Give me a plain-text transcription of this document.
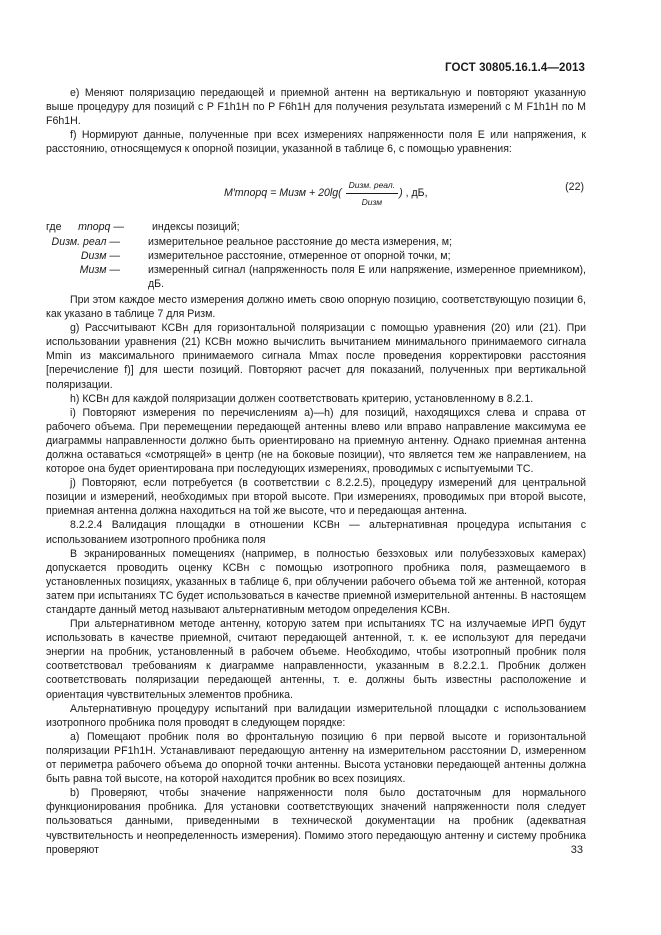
ГОСТ 30805.16.1.4—2013

e) Меняют поляризацию передающей и приемной антенн на вертикальную и повторяют указанную выше процедуру для позиций с P F1h1H по P F6h1H для получения результата измерений с M F1h1H по M F6h1H.

f) Нормируют данные, полученные при всех измерениях напряженности поля E или напряжения, к расстоянию, относящемуся к опорной позиции, указанной в таблице 6, с помощью уравнения:

M′mnopq = Mизм + $20\lg( \frac{\text{Dизм. реал.}}{\text{Dизм}}$ ) , дБ,	(22)
где	mnopq —	индексы позиций;
Dизм. реал —	измерительное реальное расстояние до места измерения, м;
Dизм —	измерительное расстояние, отмеренное от опорной точки, м;
Mизм —	измеренный сигнал (напряженность поля E или напряжение, измеренное приемником), дБ.

При этом каждое место измерения должно иметь свою опорную позицию, соответствующую позиции 6, как указано в таблице 7 для Pизм.

g) Рассчитывают КСВн для горизонтальной поляризации с помощью уравнения (20) или (21). При использовании уравнения (21) КСВн можно вычислить вычитанием минимального принимаемого сигнала Mmin из максимального принимаемого сигнала Mmax после проведения корректировки расстояния [перечисление f)] для шести позиций. Повторяют расчет для показаний, полученных при вертикальной поляризации.

h) КСВн для каждой поляризации должен соответствовать критерию, установленному в 8.2.1.

i) Повторяют измерения по перечислениям a)—h) для позиций, находящихся слева и справа от рабочего объема. При перемещении передающей антенны влево или вправо направление максимума ее диаграммы направленности должно быть ориентировано на приемную антенну. Однако приемная антенна должна оставаться «смотрящей» в центр (не на боковые позиции), что является тем же направлением, на которое она будет ориентирована при последующих измерениях, проводимых с испытуемыми ТС.

j) Повторяют, если потребуется (в соответствии с 8.2.2.5), процедуру измерений для центральной позиции и измерений, необходимых при второй высоте. При измерениях, проводимых при второй высоте, приемная антенна должна находиться на той же высоте, что и передающая антенна.

8.2.2.4 Валидация площадки в отношении КСВн — альтернативная процедура испытания с использованием изотропного пробника поля

В экранированных помещениях (например, в полностью безэховых или полубезэховых камерах) допускается проводить оценку КСВн с помощью изотропного пробника поля, размещаемого в установленных позициях, указанных в таблице 6, при облучении рабочего объема той же антенной, которая затем при испытаниях ТС будет использоваться в качестве приемной измерительной антенны. В настоящем стандарте данный метод называют альтернативным методом определения КСВн.

При альтернативном методе антенну, которую затем при испытаниях ТС на излучаемые ИРП будут использовать в качестве приемной, считают передающей антенной, т. к. ее используют для передачи энергии на пробник, установленный в рабочем объеме. Необходимо, чтобы изотропный пробник поля соответствовал требованиям к диаграмме направленности, указанным в 8.2.2.1. Пробник должен соответствовать поляризации передающей антенны, т. е. должны быть известны расположение и ориентация чувствительных элементов пробника.

Альтернативную процедуру испытаний при валидации измерительной площадки с использованием изотропного пробника поля проводят в следующем порядке:

a) Помещают пробник поля во фронтальную позицию 6 при первой высоте и горизонтальной поляризации PF1h1H. Устанавливают передающую антенну на измерительном расстоянии D, измеренном от периметра рабочего объема до опорной точки антенны. Высота установки передающей антенны должна быть равна той высоте, на которой находится пробник во всех позициях.

b) Проверяют, чтобы значение напряженности поля было достаточным для нормального функционирования пробника. Для установки соответствующих значений напряженности поля следует пользоваться данными, приведенными в технической документации на пробник (адекватная чувствительность и неопределенность измерения). Помимо этого передающую антенну и систему пробника проверяют	33
